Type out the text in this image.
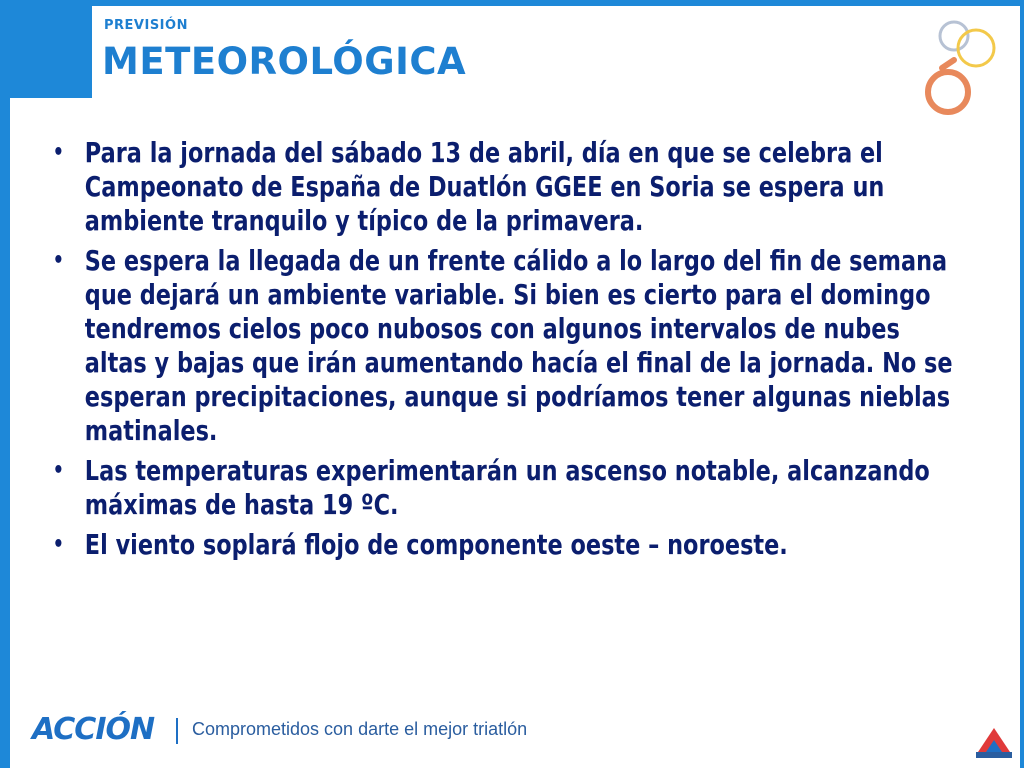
PREVISIÓN
METEOROLÓGICA
• Para la jornada del sábado 13 de abril, día en que se celebra el Campeonato de España de Duatlón GGEE en Soria se espera un ambiente tranquilo y típico de la primavera.
• Se espera la llegada de un frente cálido a lo largo del fin de semana que dejará un ambiente variable. Si bien es cierto para el domingo tendremos cielos poco nubosos con algunos intervalos de nubes altas y bajas que irán aumentando hacía el final de la jornada. No se esperan precipitaciones, aunque si podríamos tener algunas nieblas matinales.
• Las temperaturas experimentarán un ascenso notable, alcanzando máximas de hasta 19 ºC.
• El viento soplará flojo de componente oeste – noroeste.
ACCIÓN Comprometidos con darte el mejor triatlón
